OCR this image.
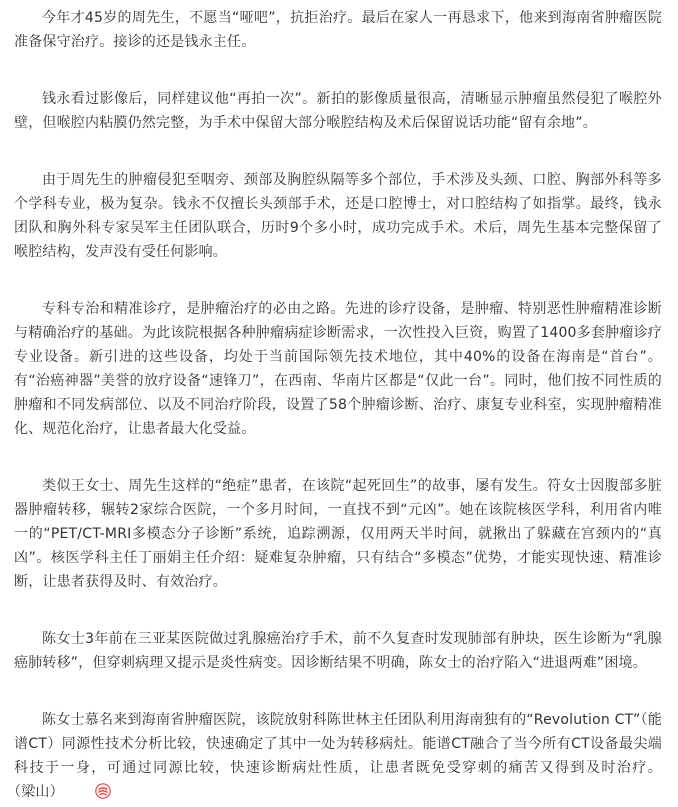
今年才45岁的周先生，不愿当“哑吧”，抗拒治疗。最后在家人一再恳求下，他来到海南省肿瘤医院准备保守治疗。接诊的还是钱永主任。

钱永看过影像后，同样建议他“再拍一次”。新拍的影像质量很高，清晰显示肿瘤虽然侵犯了喉腔外壁，但喉腔内粘膜仍然完整，为手术中保留大部分喉腔结构及术后保留说话功能“留有余地”。

由于周先生的肿瘤侵犯至咽旁、颈部及胸腔纵隔等多个部位，手术涉及头颈、口腔、胸部外科等多个学科专业，极为复杂。钱永不仅擅长头颈部手术，还是口腔博士，对口腔结构了如指掌。最终，钱永团队和胸外科专家吴军主任团队联合，历时9个多小时，成功完成手术。术后，周先生基本完整保留了喉腔结构，发声没有受任何影响。

专科专治和精准诊疗，是肿瘤治疗的必由之路。先进的诊疗设备，是肿瘤、特别恶性肿瘤精准诊断与精确治疗的基础。为此该院根据各种肿瘤病症诊断需求，一次性投入巨资，购置了1400多套肿瘤诊疗专业设备。新引进的这些设备，均处于当前国际领先技术地位，其中40%的设备在海南是“首台”。有“治癌神器”美誉的放疗设备“速锋刀”，在西南、华南片区都是“仅此一台”。同时，他们按不同性质的肿瘤和不同发病部位、以及不同治疗阶段，设置了58个肿瘤诊断、治疗、康复专业科室，实现肿瘤精准化、规范化治疗，让患者最大化受益。

类似王女士、周先生这样的“绝症”患者，在该院“起死回生”的故事，屡有发生。符女士因腹部多脏器肿瘤转移，辗转2家综合医院，一个多月时间，一直找不到“元凶”。她在该院核医学科，利用省内唯一的“PET/CT-MRI多模态分子诊断”系统，追踪溯源，仅用两天半时间，就揪出了躲藏在宫颈内的“真凶”。核医学科主任丁丽娟主任介绍：疑难复杂肿瘤，只有结合“多模态”优势，才能实现快速、精准诊断，让患者获得及时、有效治疗。

陈女士3年前在三亚某医院做过乳腺癌治疗手术，前不久复查时发现肺部有肿块，医生诊断为“乳腺癌肺转移”，但穿刺病理又提示是炎性病变。因诊断结果不明确，陈女士的治疗陷入“进退两难”困境。

陈女士慕名来到海南省肿瘤医院，该院放射科陈世林主任团队利用海南独有的“Revolution CT”（能谱CT）同源性技术分析比较，快速确定了其中一处为转移病灶。能谱CT融合了当今所有CT设备最尖端科技于一身，可通过同源比较，快速诊断病灶性质，让患者既免受穿刺的痛苦又得到及时治疗。（梁山）
